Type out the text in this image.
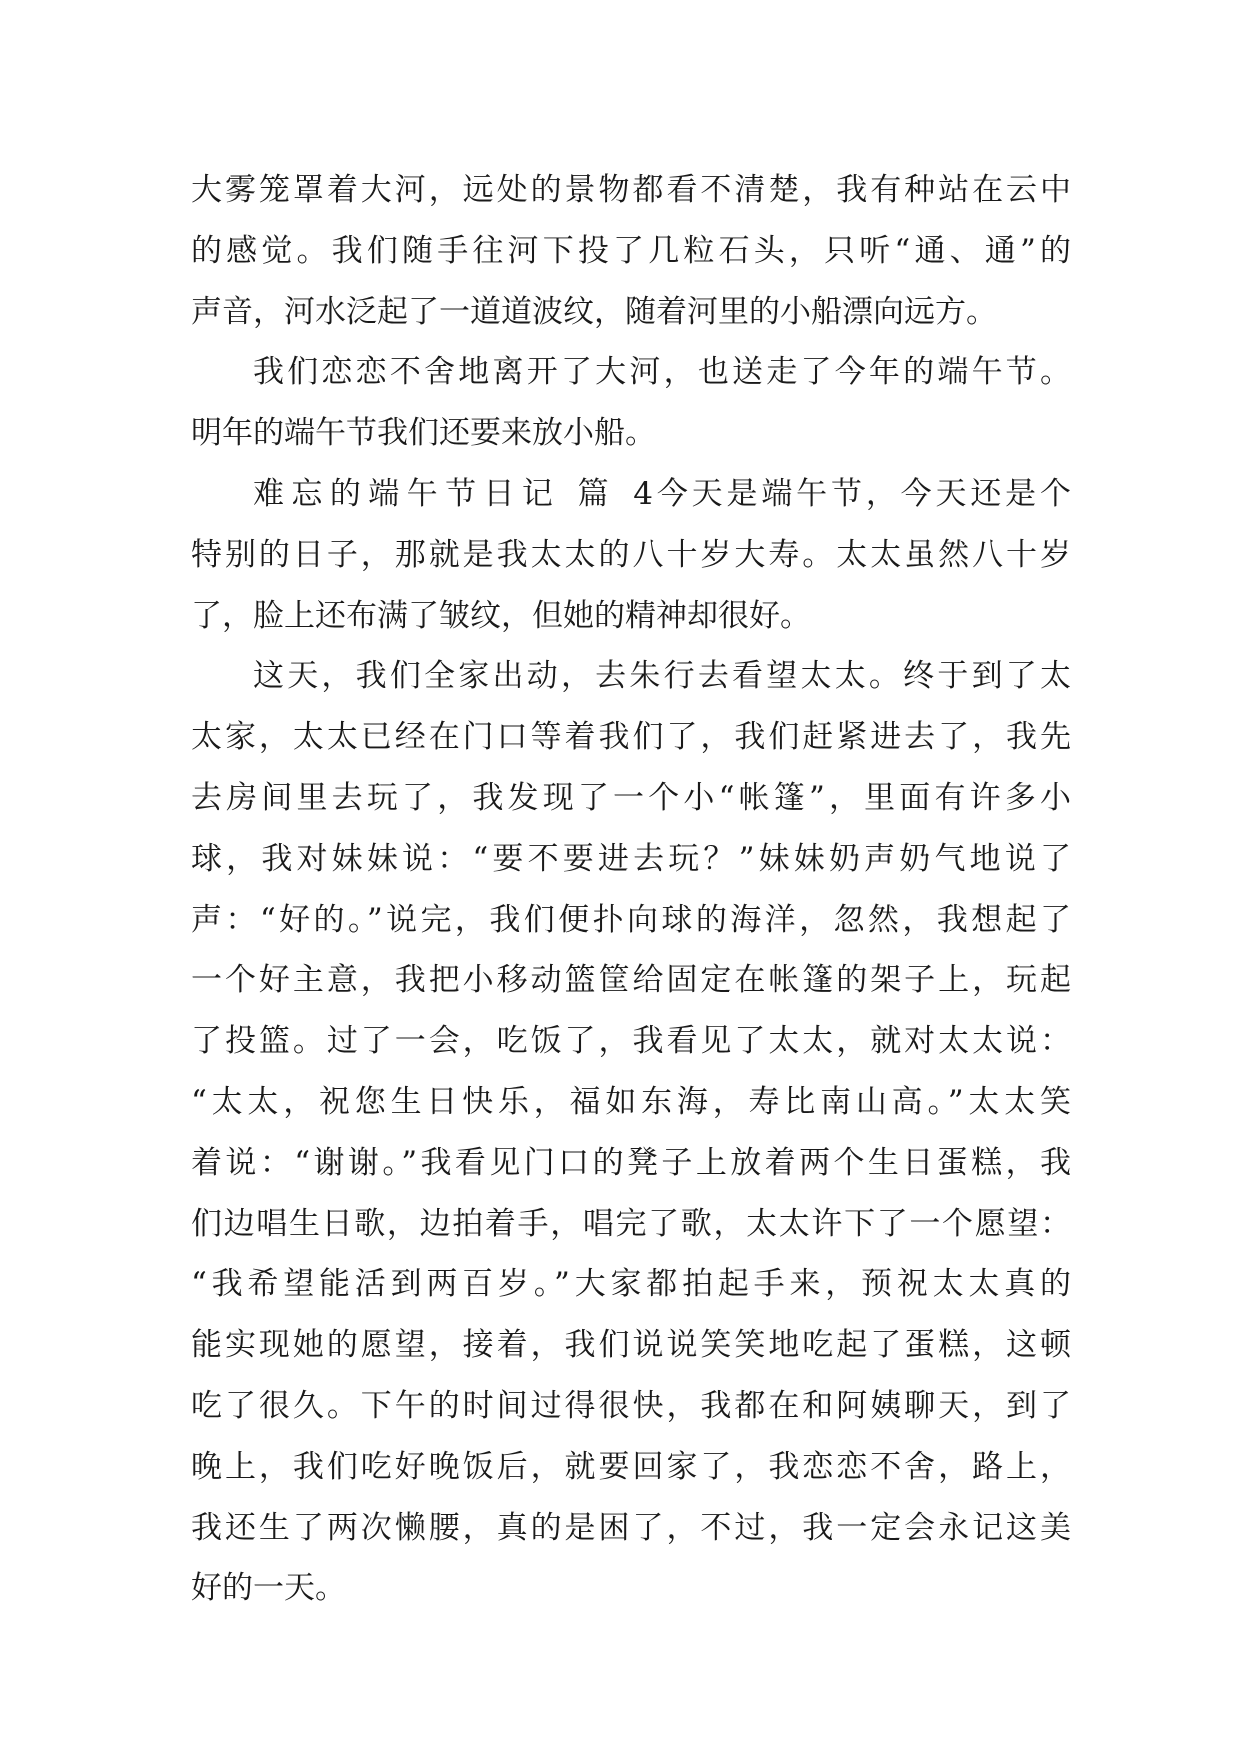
大雾笼罩着大河，远处的景物都看不清楚，我有种站在云中
的感觉。我们随手往河下投了几粒石头，只听“通、通”的
声音，河水泛起了一道道波纹，随着河里的小船漂向远方。
我们恋恋不舍地离开了大河，也送走了今年的端午节。
明年的端午节我们还要来放小船。
难忘的端午节日记 篇 4今天是端午节，今天还是个
特别的日子，那就是我太太的八十岁大寿。太太虽然八十岁
了，脸上还布满了皱纹，但她的精神却很好。
这天，我们全家出动，去朱行去看望太太。终于到了太
太家，太太已经在门口等着我们了，我们赶紧进去了，我先
去房间里去玩了，我发现了一个小“帐篷”，里面有许多小
球，我对妹妹说：“要不要进去玩？”妹妹奶声奶气地说了
声：“好的。”说完，我们便扑向球的海洋，忽然，我想起了
一个好主意，我把小移动篮筐给固定在帐篷的架子上，玩起
了投篮。过了一会，吃饭了，我看见了太太，就对太太说：
“太太，祝您生日快乐，福如东海，寿比南山高。”太太笑
着说：“谢谢。”我看见门口的凳子上放着两个生日蛋糕，我
们边唱生日歌，边拍着手，唱完了歌，太太许下了一个愿望：
“我希望能活到两百岁。”大家都拍起手来，预祝太太真的
能实现她的愿望，接着，我们说说笑笑地吃起了蛋糕，这顿
吃了很久。下午的时间过得很快，我都在和阿姨聊天，到了
晚上，我们吃好晚饭后，就要回家了，我恋恋不舍，路上，
我还生了两次懒腰，真的是困了，不过，我一定会永记这美
好的一天。
